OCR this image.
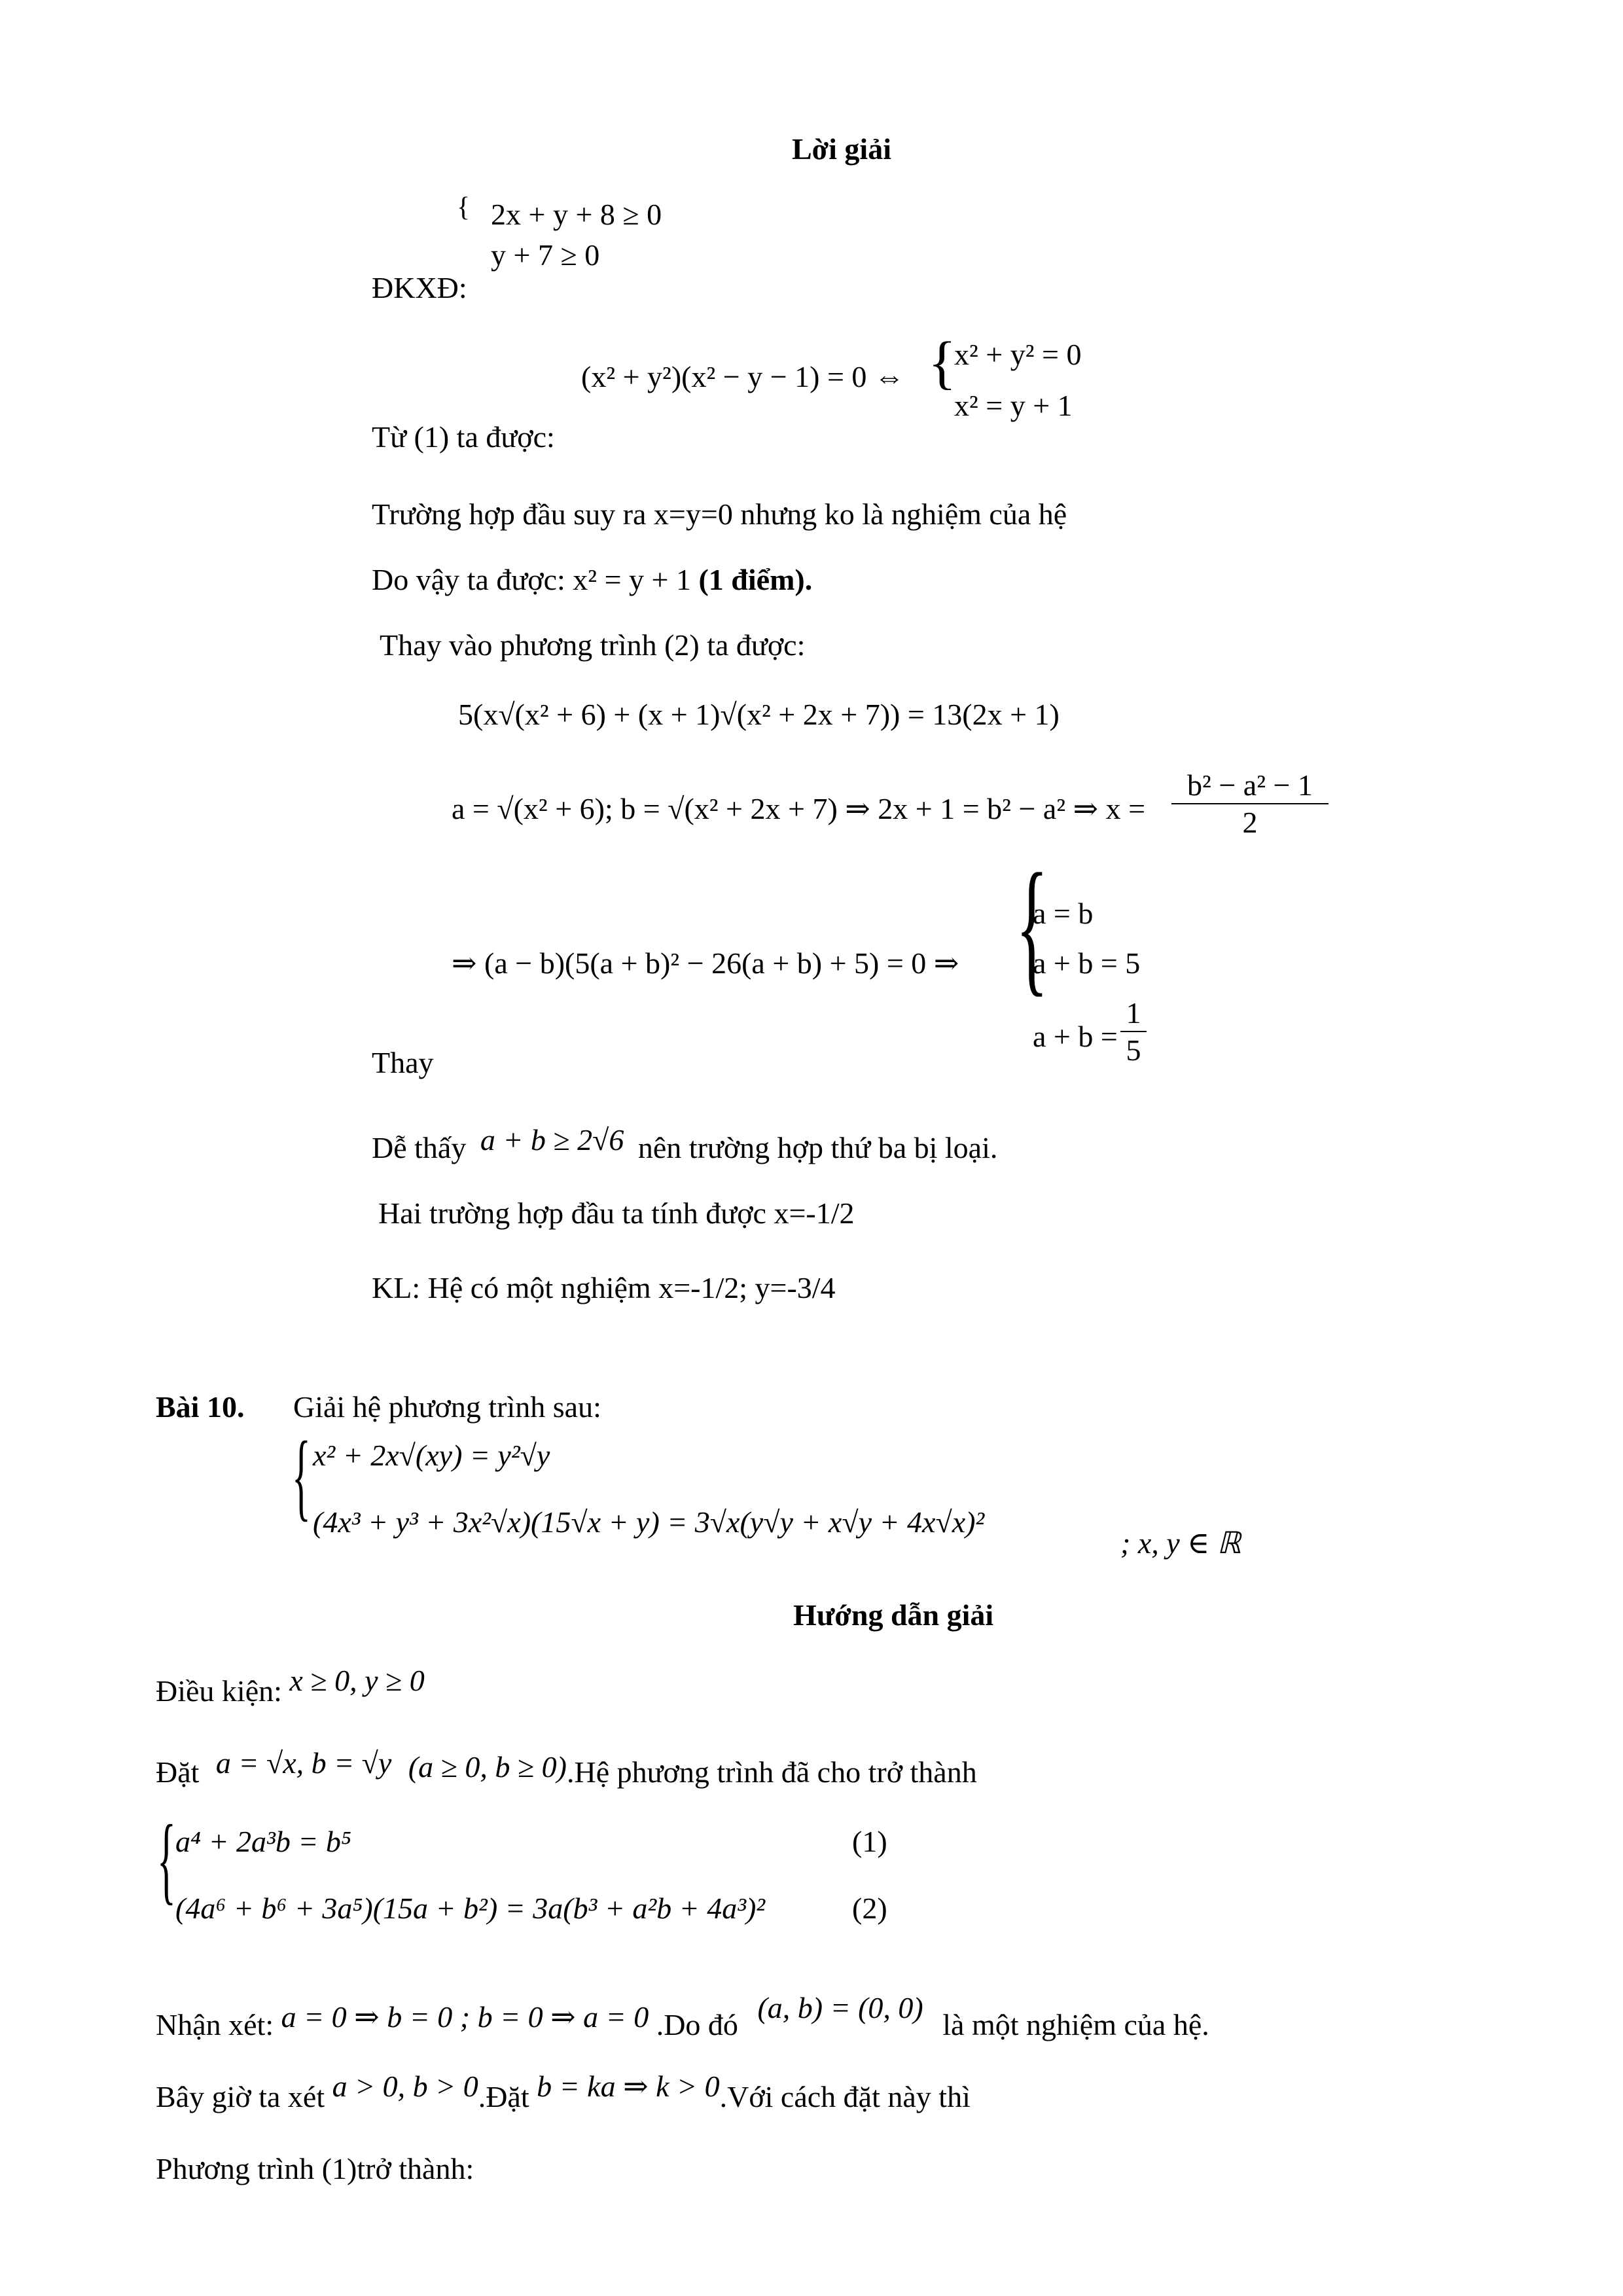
Lời giải
{ 2x + y + 8 ≥ 0
y + 7 ≥ 0
ĐKXĐ:
(x² + y²)(x² − y − 1) = 0 ⇔ {
x² + y² = 0
x² = y + 1
Từ (1) ta được:
Trường hợp đầu suy ra x=y=0 nhưng ko là nghiệm của hệ
Do vậy ta được: x² = y + 1 (1 điểm).
Thay vào phương trình (2) ta được:
5(x√(x² + 6) + (x + 1)√(x² + 2x + 7)) = 13(2x + 1)
a = √(x² + 6); b = √(x² + 2x + 7) ⇒ 2x + 1 = b² − a² ⇒ $x = \frac{\text{b² − a² − 1}}{2}$
⇒ (a − b)(5(a + b)² − 26(a + b) + 5) = 0 ⇒ {
a = b
a + b = 5
$a + b = \frac{1}{5}$
Thay
Dễ thấy a + b ≥ 2√6 nên trường hợp thứ ba bị loại.
Hai trường hợp đầu ta tính được x=-1/2
KL: Hệ có một nghiệm x=-1/2; y=-3/4
Bài 10. Giải hệ phương trình sau:
{ x² + 2x√(xy) = y²√y
(4x³ + y³ + 3x²√x)(15√x + y) = 3√x(y√y + x√y + 4x√x)²
; x, y ∈ ℝ
Hướng dẫn giải
Điều kiện: x ≥ 0, y ≥ 0
Đặt a = √x, b = √y (a ≥ 0, b ≥ 0).Hệ phương trình đã cho trở thành
{ a⁴ + 2a³b = b⁵	(1)
(4a⁶ + b⁶ + 3a⁵)(15a + b²) = 3a(b³ + a²b + 4a³)²	(2)
Nhận xét: a = 0 ⇒ b = 0 ; b = 0 ⇒ a = 0 .Do đó (a, b) = (0, 0) là một nghiệm của hệ.
Bây giờ ta xét a > 0, b > 0.Đặt b = ka ⇒ k > 0.Với cách đặt này thì
Phương trình (1)trở thành:
